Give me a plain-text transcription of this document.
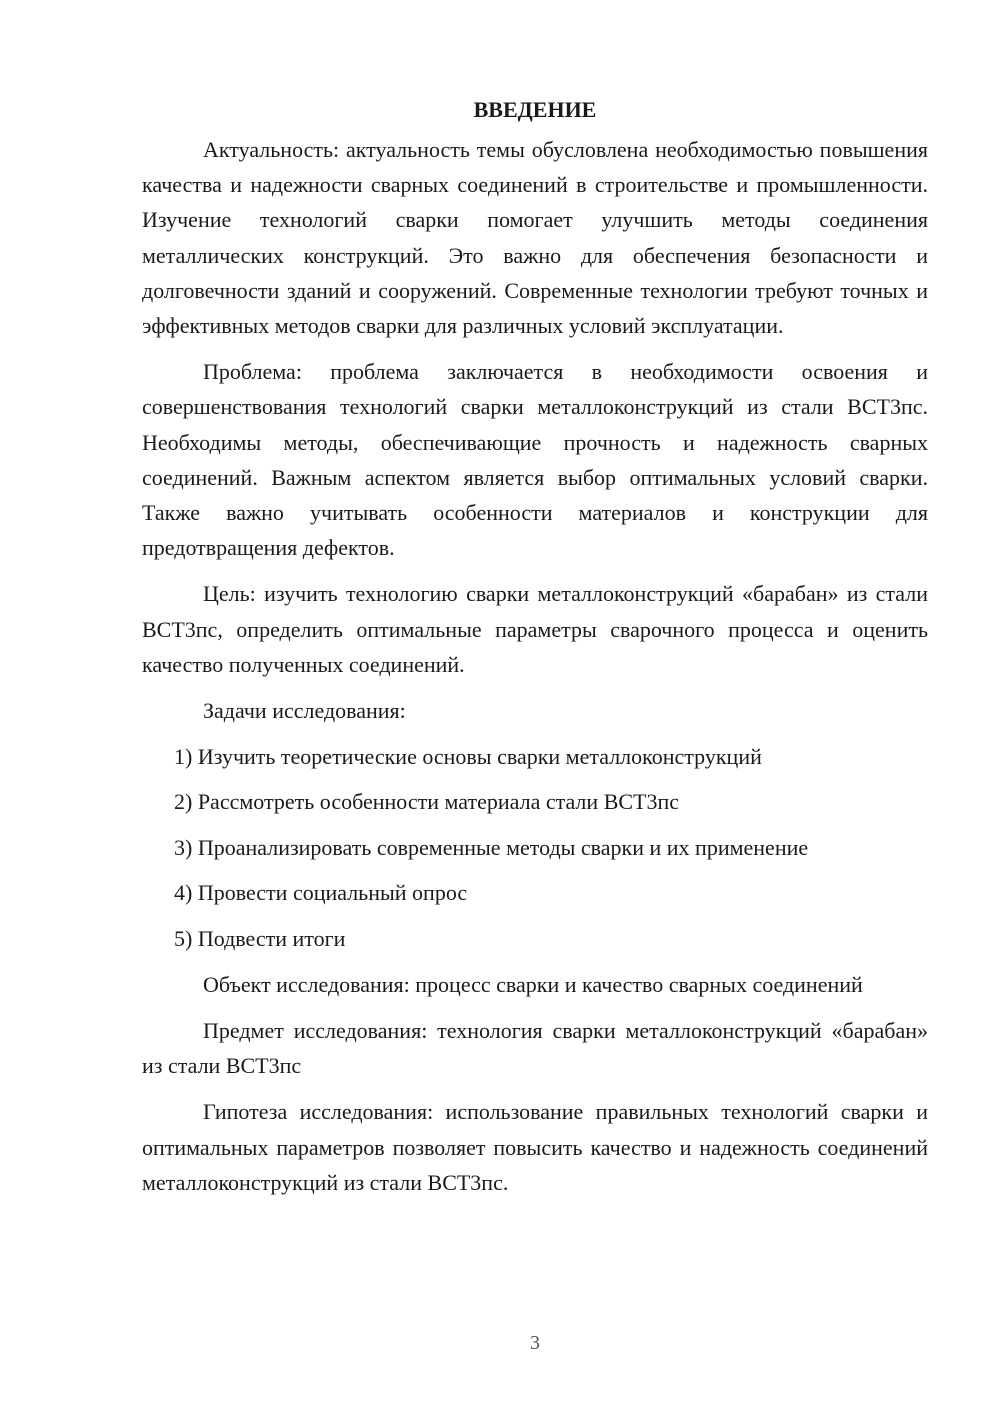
ВВЕДЕНИЕ

Актуальность: актуальность темы обусловлена необходимостью повышения качества и надежности сварных соединений в строительстве и промышленности. Изучение технологий сварки помогает улучшить методы соединения металлических конструкций. Это важно для обеспечения безопасности и долговечности зданий и сооружений. Современные технологии требуют точных и эффективных методов сварки для различных условий эксплуатации.

Проблема: проблема заключается в необходимости освоения и совершенствования технологий сварки металлоконструкций из стали ВСТ3пс. Необходимы методы, обеспечивающие прочность и надежность сварных соединений. Важным аспектом является выбор оптимальных условий сварки. Также важно учитывать особенности материалов и конструкции для предотвращения дефектов.

Цель: изучить технологию сварки металлоконструкций «барабан» из стали ВСТ3пс, определить оптимальные параметры сварочного процесса и оценить качество полученных соединений.

Задачи исследования:

1) Изучить теоретические основы сварки металлоконструкций
2) Рассмотреть особенности материала стали ВСТ3пс
3) Проанализировать современные методы сварки и их применение
4) Провести социальный опрос
5) Подвести итоги

Объект исследования: процесс сварки и качество сварных соединений

Предмет исследования: технология сварки металлоконструкций «барабан» из стали ВСТ3пс

Гипотеза исследования: использование правильных технологий сварки и оптимальных параметров позволяет повысить качество и надежность соединений металлоконструкций из стали ВСТ3пс.

3
